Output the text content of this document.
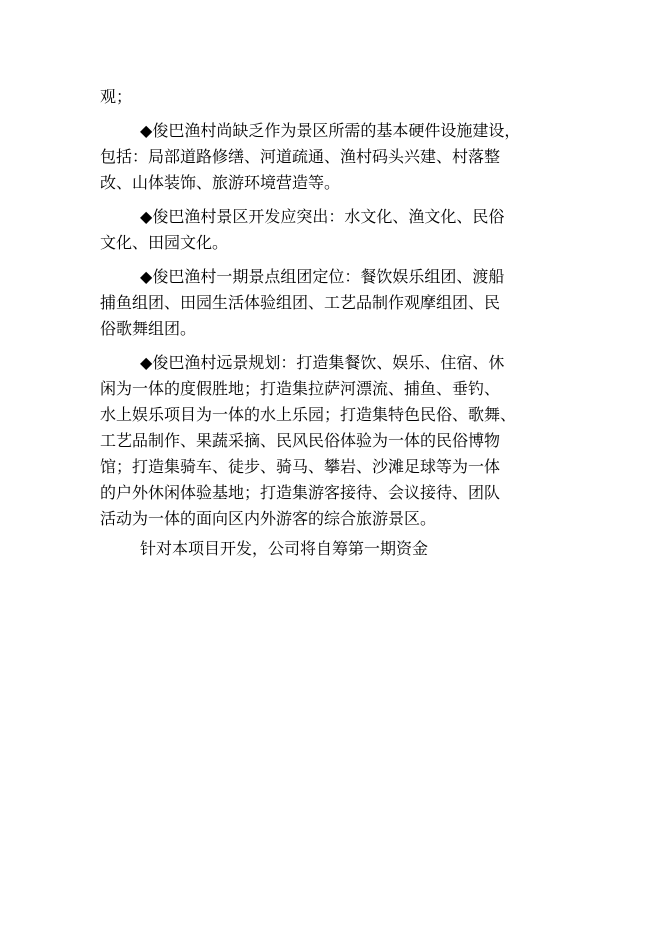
观；
◆俊巴渔村尚缺乏作为景区所需的基本硬件设施建设，
包括：局部道路修缮、河道疏通、渔村码头兴建、村落整
改、山体装饰、旅游环境营造等。
◆俊巴渔村景区开发应突出：水文化、渔文化、民俗
文化、田园文化。
◆俊巴渔村一期景点组团定位：餐饮娱乐组团、渡船
捕鱼组团、田园生活体验组团、工艺品制作观摩组团、民
俗歌舞组团。
◆俊巴渔村远景规划：打造集餐饮、娱乐、住宿、休
闲为一体的度假胜地；打造集拉萨河漂流、捕鱼、垂钓、
水上娱乐项目为一体的水上乐园；打造集特色民俗、歌舞、
工艺品制作、果蔬采摘、民风民俗体验为一体的民俗博物
馆；打造集骑车、徒步、骑马、攀岩、沙滩足球等为一体
的户外休闲体验基地；打造集游客接待、会议接待、团队
活动为一体的面向区内外游客的综合旅游景区。
针对本项目开发，公司将自筹第一期资金
